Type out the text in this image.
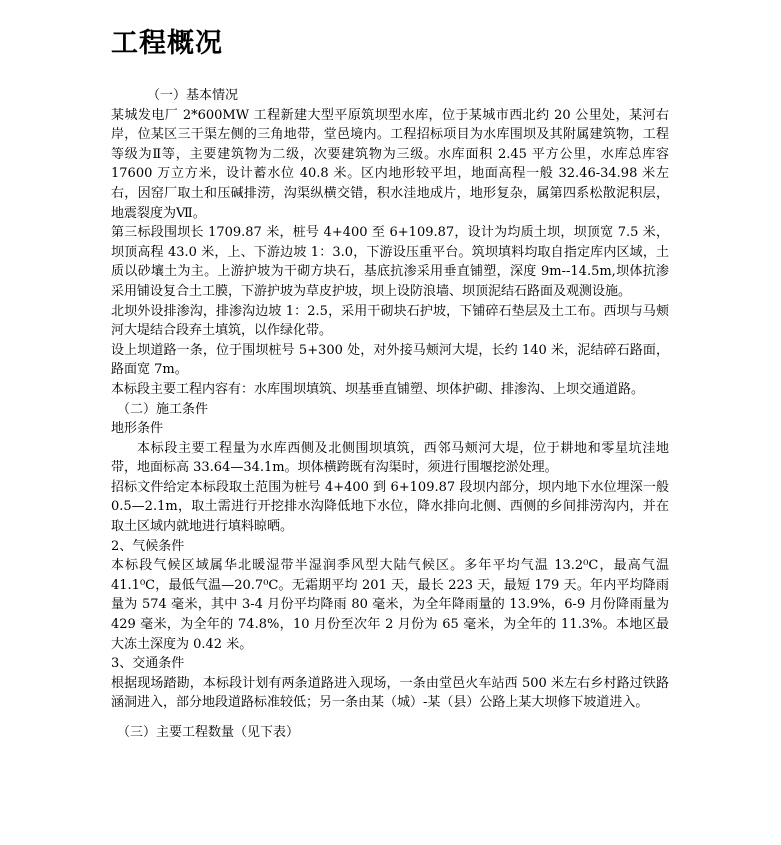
工程概况

（一）基本情况

某城发电厂 2*600MW 工程新建大型平原筑坝型水库，位于某城市西北约 20 公里处，某河右岸，位某区三干渠左侧的三角地带，堂邑境内。工程招标项目为水库围坝及其附属建筑物，工程等级为Ⅱ等，主要建筑物为二级，次要建筑物为三级。水库面积 2.45 平方公里，水库总库容 17600 万立方米，设计蓄水位 40.8 米。区内地形较平坦，地面高程一般 32.46-34.98 米左右，因窑厂取土和压碱排涝，沟渠纵横交错，积水洼地成片，地形复杂，属第四系松散泥积层，地震裂度为Ⅶ。

第三标段围坝长 1709.87 米，桩号 4+400 至 6+109.87，设计为均质土坝，坝顶宽 7.5 米，坝顶高程 43.0 米，上、下游边坡 1：3.0，下游设压重平台。筑坝填料均取自指定库内区域，土质以砂壤土为主。上游护坡为干砌方块石，基底抗渗采用垂直铺塑，深度 9m--14.5m,坝体抗渗采用铺设复合土工膜，下游护坡为草皮护坡，坝上设防浪墙、坝顶泥结石路面及观测设施。

北坝外设排渗沟，排渗沟边坡 1：2.5，采用干砌块石护坡，下铺碎石垫层及土工布。西坝与马颊河大堤结合段弃土填筑，以作绿化带。

设上坝道路一条，位于围坝桩号 5+300 处，对外接马颊河大堤，长约 140 米，泥结碎石路面，路面宽 7m。

本标段主要工程内容有：水库围坝填筑、坝基垂直铺塑、坝体护砌、排渗沟、上坝交通道路。

（二）施工条件

地形条件

本标段主要工程量为水库西侧及北侧围坝填筑，西邻马颊河大堤，位于耕地和零星坑洼地带，地面标高 33.64—34.1m。坝体横跨既有沟渠时，须进行围堰挖淤处理。

招标文件给定本标段取土范围为桩号 4+400 到 6+109.87 段坝内部分，坝内地下水位埋深一般 0.5—2.1m，取土需进行开挖排水沟降低地下水位，降水排向北侧、西侧的乡间排涝沟内，并在取土区域内就地进行填料晾晒。

2、气候条件

本标段气候区域属华北暖湿带半湿润季风型大陆气候区。多年平均气温 13.2⁰C，最高气温 41.1⁰C，最低气温—20.7⁰C。无霜期平均 201 天，最长 223 天，最短 179 天。年内平均降雨量为 574 毫米，其中 3-4 月份平均降雨 80 毫米，为全年降雨量的 13.9%，6-9 月份降雨量为 429 毫米，为全年的 74.8%，10 月份至次年 2 月份为 65 毫米，为全年的 11.3%。本地区最大冻土深度为 0.42 米。

3、交通条件

根据现场踏勘，本标段计划有两条道路进入现场，一条由堂邑火车站西 500 米左右乡村路过铁路涵洞进入，部分地段道路标准较低；另一条由某（城）-某（县）公路上某大坝修下坡道进入。

（三）主要工程数量（见下表）
